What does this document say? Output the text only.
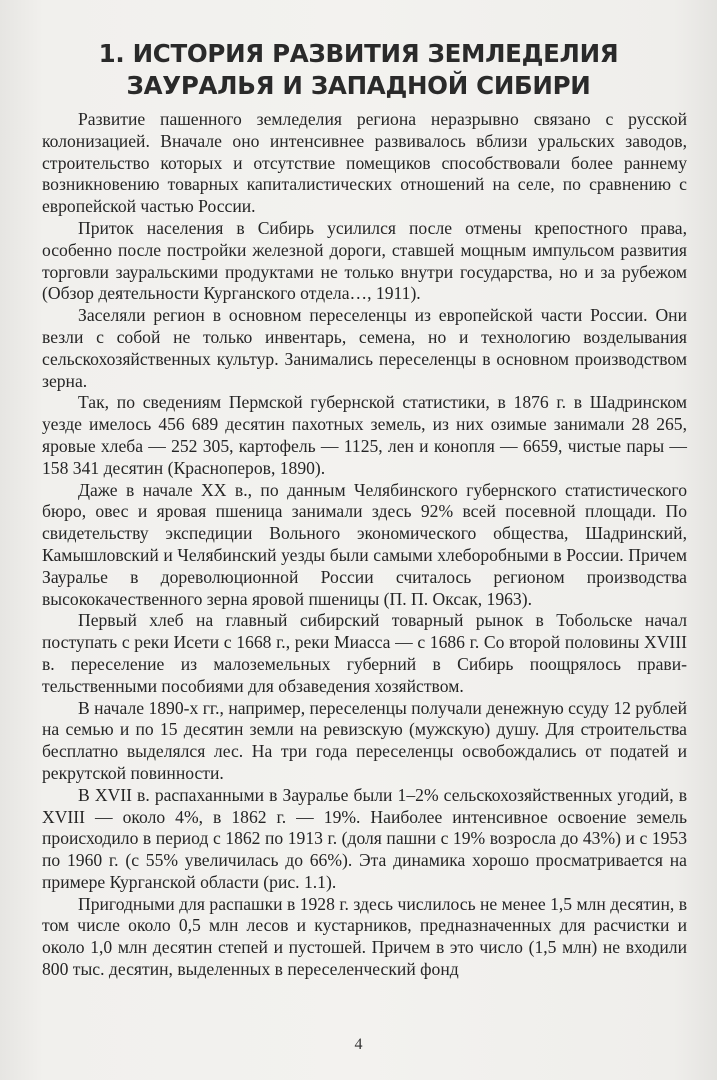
1. ИСТОРИЯ РАЗВИТИЯ ЗЕМЛЕДЕЛИЯ
ЗАУРАЛЬЯ И ЗАПАДНОЙ СИБИРИ

Развитие пашенного земледелия региона неразрывно связано с русской колонизацией. Вначале оно интенсивнее развивалось вблизи уральских заводов, строительство которых и отсутствие помещиков способствовали более раннему возникновению товарных капиталистических отношений на селе, по сравнению с европейской частью России.

Приток населения в Сибирь усилился после отмены крепостного права, особенно после постройки железной дороги, ставшей мощным импульсом развития торговли зауральскими продуктами не только внутри государства, но и за рубежом (Обзор деятельности Курганского отдела…, 1911).

Заселяли регион в основном переселенцы из европейской части России. Они везли с собой не только инвентарь, семена, но и технологию возделывания сельскохозяйственных культур. Занимались переселенцы в основном производством зерна.

Так, по сведениям Пермской губернской статистики, в 1876 г. в Шадринском уезде имелось 456 689 десятин пахотных земель, из них озимые занимали 28 265, яровые хлеба — 252 305, картофель — 1125, лен и конопля — 6659, чистые пары — 158 341 десятин (Красноперов, 1890).

Даже в начале XX в., по данным Челябинского губернского статистического бюро, овес и яровая пшеница занимали здесь 92% всей посевной площади. По свидетельству экспедиции Вольного экономического общества, Шадринский, Камышловский и Челябинский уезды были самыми хлеборобными в России. Причем Зауралье в дореволюционной России считалось регионом производства высококачественного зерна яровой пшеницы (П. П. Оксак, 1963).

Первый хлеб на главный сибирский товарный рынок в Тобольске начал поступать с реки Исети с 1668 г., реки Миасса — с 1686 г. Со второй половины XVIII в. переселение из малоземельных губерний в Сибирь поощрялось правительственными пособиями для обзаведения хозяйством.

В начале 1890-х гг., например, переселенцы получали денежную ссуду 12 рублей на семью и по 15 десятин земли на ревизскую (мужскую) душу. Для строительства бесплатно выделялся лес. На три года переселенцы освобождались от податей и рекрутской повинности.

В XVII в. распаханными в Зауралье были 1–2% сельскохозяйственных угодий, в XVIII — около 4%, в 1862 г. — 19%. Наиболее интенсивное освоение земель происходило в период с 1862 по 1913 г. (доля пашни с 19% возросла до 43%) и с 1953 по 1960 г. (с 55% увеличилась до 66%). Эта динамика хорошо просматривается на примере Курганской области (рис. 1.1).

Пригодными для распашки в 1928 г. здесь числилось не менее 1,5 млн десятин, в том числе около 0,5 млн лесов и кустарников, предназначенных для расчистки и около 1,0 млн десятин степей и пустошей. Причем в это число (1,5 млн) не входили 800 тыс. десятин, выделенных в переселенческий фонд

4
